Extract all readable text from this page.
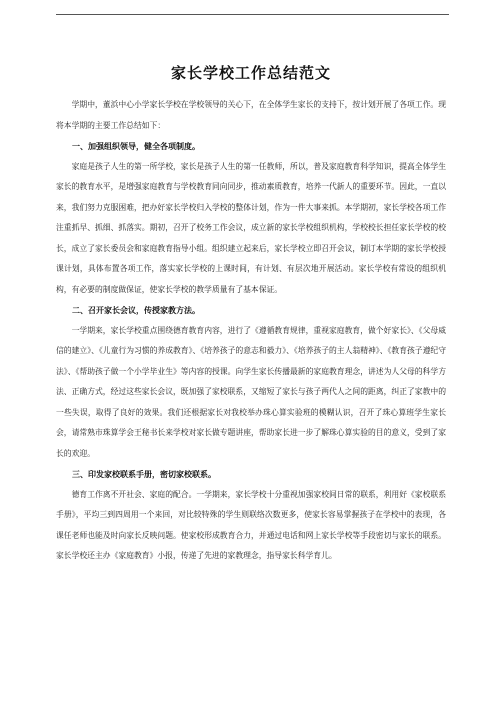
家长学校工作总结范文

学期中，董浜中心小学家长学校在学校领导的关心下，在全体学生家长的支持下，按计划开展了各项工作。现将本学期的主要工作总结如下：

一、加强组织领导，健全各项制度。

家庭是孩子人生的第一所学校，家长是孩子人生的第一任教师，所以，普及家庭教育科学知识，提高全体学生家长的教育水平，是增强家庭教育与学校教育同向同步，推动素质教育，培养一代新人的重要环节。因此，一直以来，我们努力克服困难，把办好家长学校归入学校的整体计划，作为一件大事来抓。本学期初，家长学校各项工作注重抓早、抓细、抓落实。期初，召开了校务工作会议，成立新的家长学校组织机构，学校校长担任家长学校的校长，成立了家长委员会和家庭教育指导小组。组织建立起来后，家长学校立即召开会议，制订本学期的家长学校授课计划，具体布置各项工作，落实家长学校的上课时间，有计划、有层次地开展活动。家长学校有常设的组织机构，有必要的制度做保证，使家长学校的教学质量有了基本保证。

二、召开家长会议，传授家教方法。

一学期来，家长学校重点围绕德育教育内容，进行了《遵循教育规律，重视家庭教育，做个好家长》、《父母威信的建立》、《儿童行为习惯的养成教育》、《培养孩子的意志和毅力》、《培养孩子的主人翁精神》、《教育孩子遵纪守法》、《帮助孩子做一个小学毕业生》等内容的授课。向学生家长传播最新的家庭教育理念，讲述为人父母的科学方法、正确方式，经过这些家长会议，既加强了家校联系，又缩短了家长与孩子两代人之间的距离，纠正了家教中的一些失误，取得了良好的效果。我们还根据家长对我校举办珠心算实验班的模糊认识，召开了珠心算班学生家长会，请常熟市珠算学会王秘书长来学校对家长做专题讲座，帮助家长进一步了解珠心算实验的目的意义，受到了家长的欢迎。

三、印发家校联系手册，密切家校联系。

德育工作离不开社会、家庭的配合。一学期来，家长学校十分重视加强家校间日常的联系，利用好《家校联系手册》，平均三到四周用一个来回，对比较特殊的学生则联络次数更多，使家长容易掌握孩子在学校中的表现，各课任老师也能及时向家长反映问题。使家校形成教育合力，并通过电话和网上家长学校等手段密切与家长的联系。家长学校还主办《家庭教育》小报，传递了先进的家教理念，指导家长科学育儿。
